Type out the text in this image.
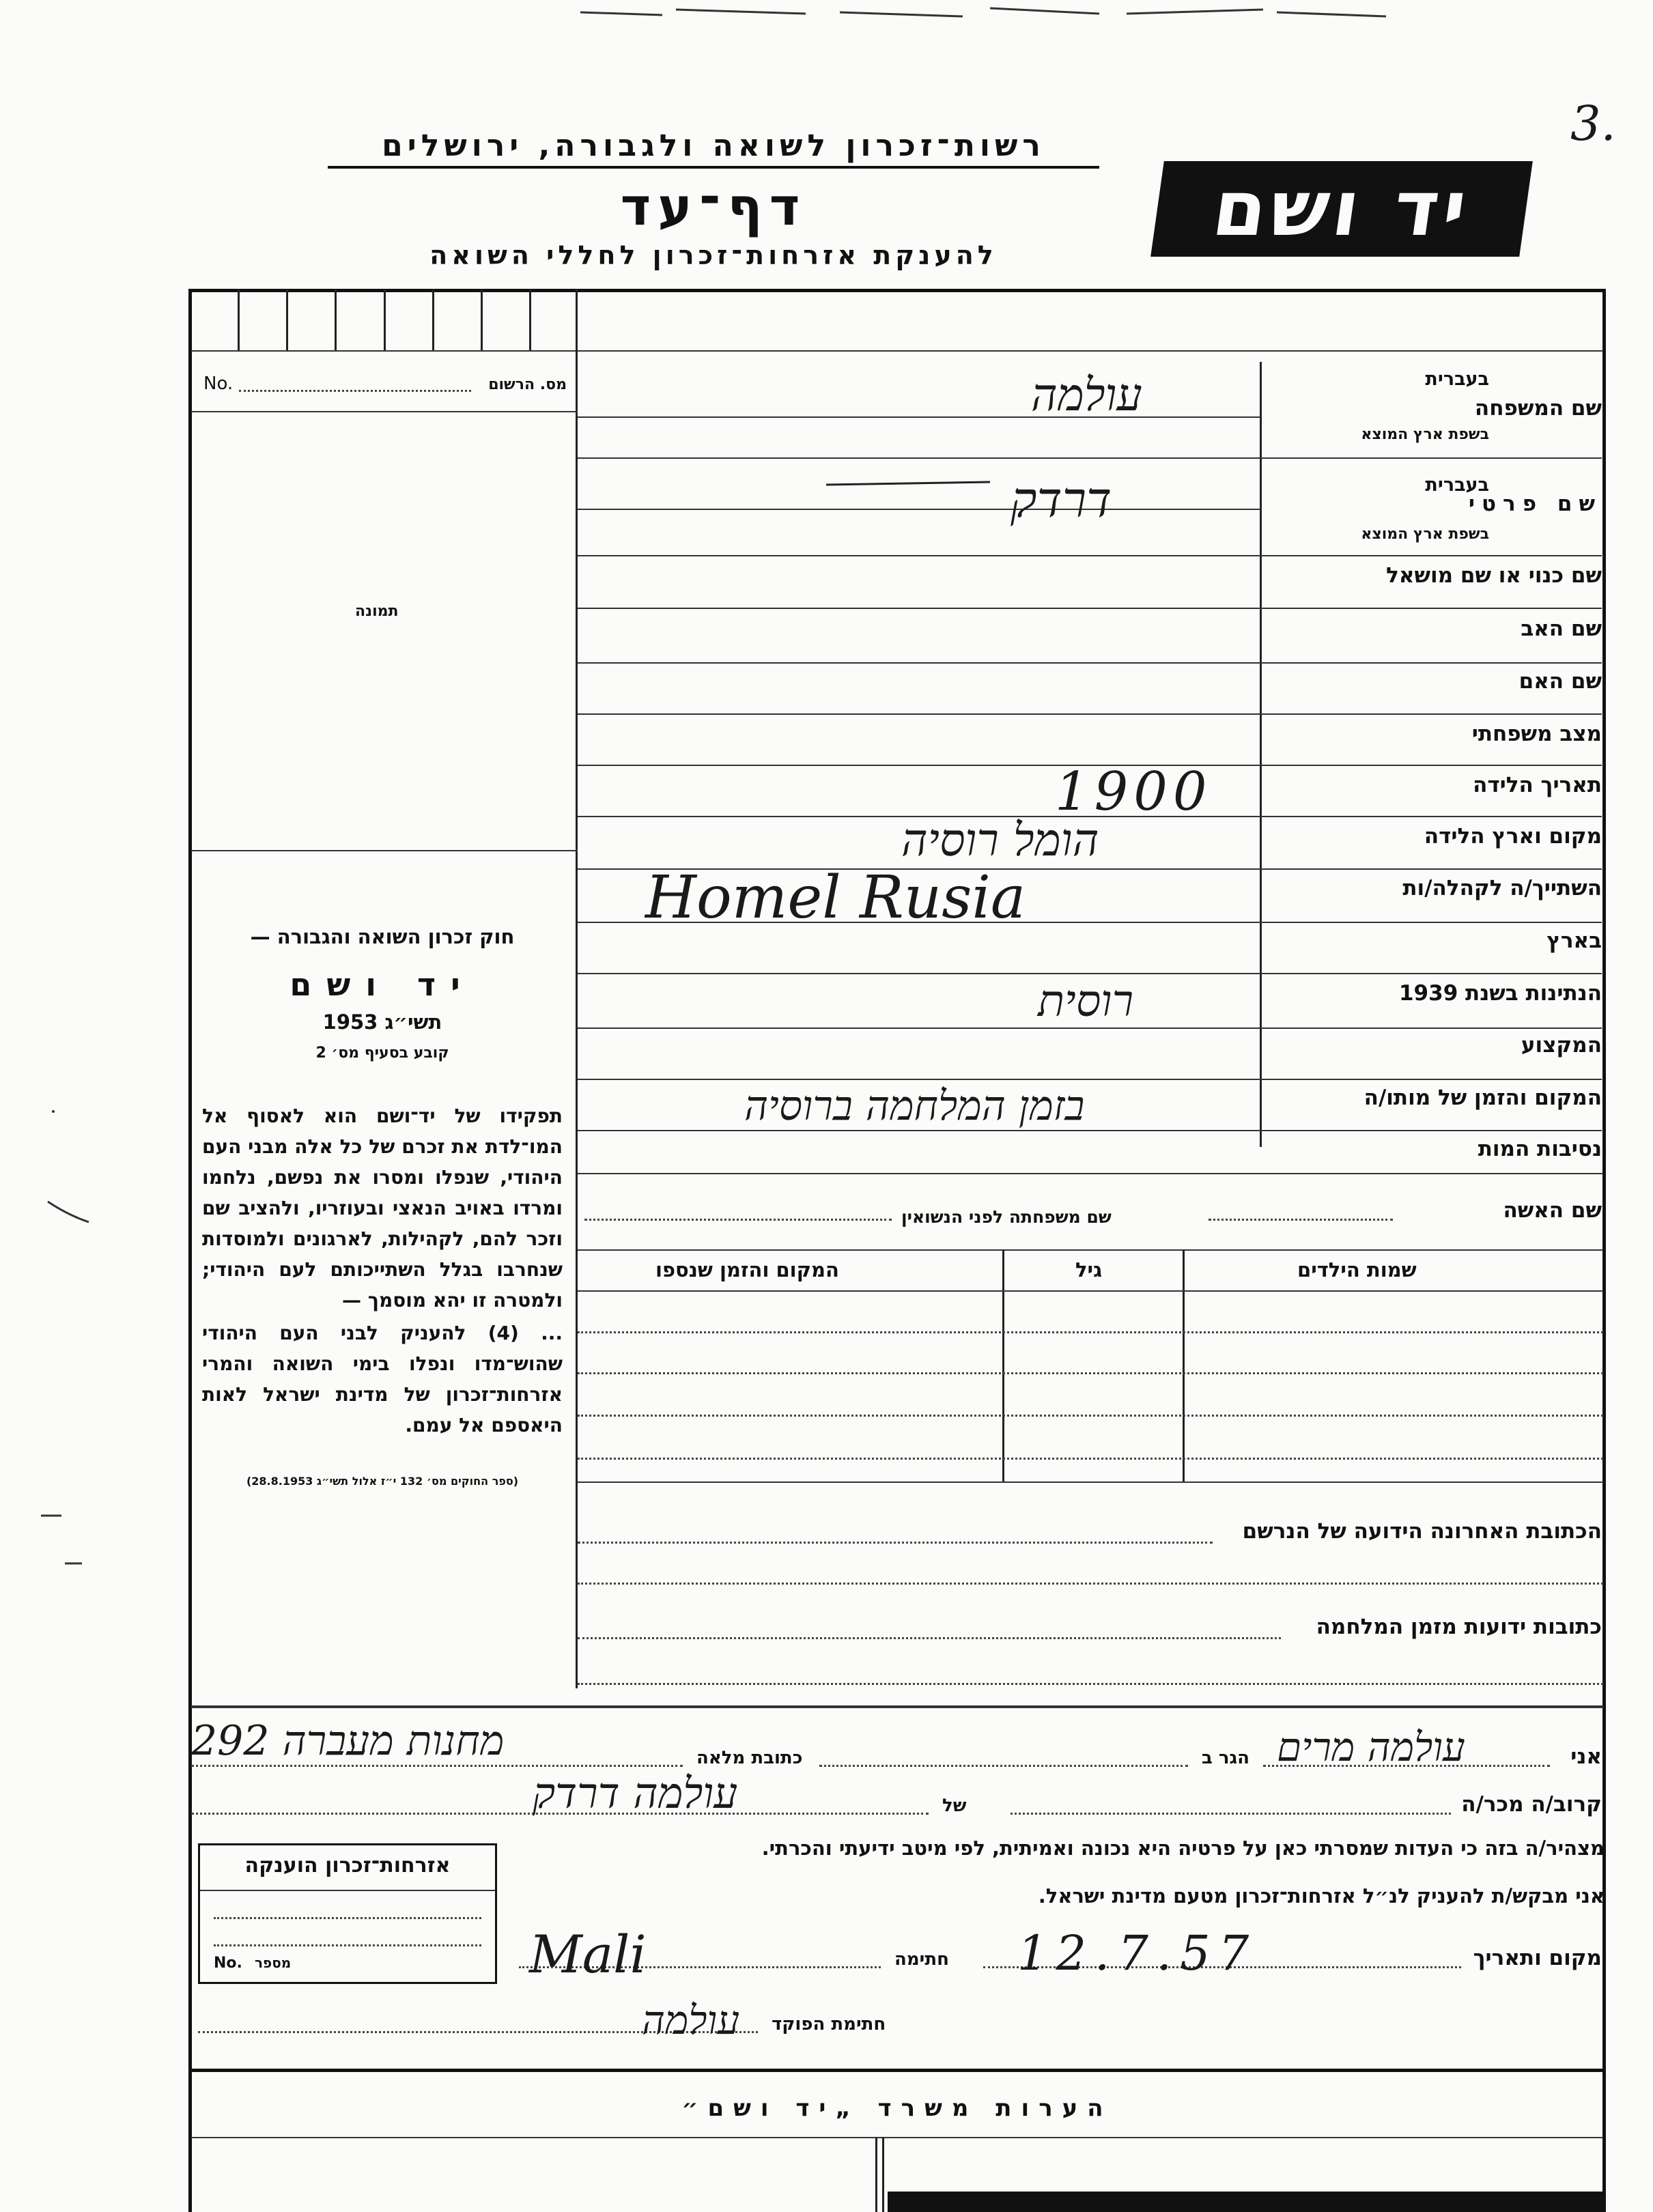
3.
רשות־זכרון לשואה ולגבורה, ירושלים
דף־עד
להענקת אזרחות־זכרון לחללי השואה
יד ושם
מס. הרשום
No.
תמונה
חוק זכרון השואה והגבורה —
יד ושם
תשי״ג 1953
קובע בסעיף מס׳ 2
תפקידו של יד־ושם הוא לאסוף אל המו־לדת את זכרם של כל אלה מבני העם היהודי, שנפלו ומסרו את נפשם, נלחמו ומרדו באויב הנאצי ובעוזריו, ולהציב שם וזכר להם, לקהילות, לארגונים ולמוסדות שנחרבו בגלל השתייכותם לעם היהודי; ולמטרה זו יהא מוסמך —
... (4) להעניק לבני העם היהודי שהוש־מדו ונפלו בימי השואה והמרי אזרחות־זכרון של מדינת ישראל לאות היאספם אל עמם.
(ספר החוקים מס׳ 132 י״ז אלול תשי״ג 28.8.1953)
בעברית
שם המשפחה
בשפת ארץ המוצא
בעברית
שם פרטי
בשפת ארץ המוצא
שם כנוי או שם מושאל
שם האב
שם האם
מצב משפחתי
תאריך הלידה
מקום וארץ הלידה
השתייך/ה לקהלה/ות
בארץ
הנתינות בשנת 1939
המקצוע
המקום והזמן של מותו/ה
נסיבות המות
עולמה
דרדק
1900
הומל רוסיה
Homel Rusia
רוסית
בזמן המלחמה ברוסיה
שם האשה
שם משפחתה לפני הנשואין
שמות הילדים
גיל
המקום והזמן שנספו
הכתובת האחרונה הידועה של הנרשם
כתובות ידועות מזמן המלחמה
אני
עולמה מרים
הגר ב
כתובת מלאה
מחנות מעברה 292
קרוב/ה מכר/ה
של
עולמה דרדק
מצהיר/ה בזה כי העדות שמסרתי כאן על פרטיה היא נכונה ואמיתית, לפי מיטב ידיעתי והכרתי.
אני מבקש/ת להעניק לנ״ל אזרחות־זכרון מטעם מדינת ישראל.
מקום ותאריך
12.7.57
חתימה
Mali
חתימת הפוקד
עולמה
אזרחות־זכרון הוענקה
No. מספר
הערות משרד „יד ושם״
